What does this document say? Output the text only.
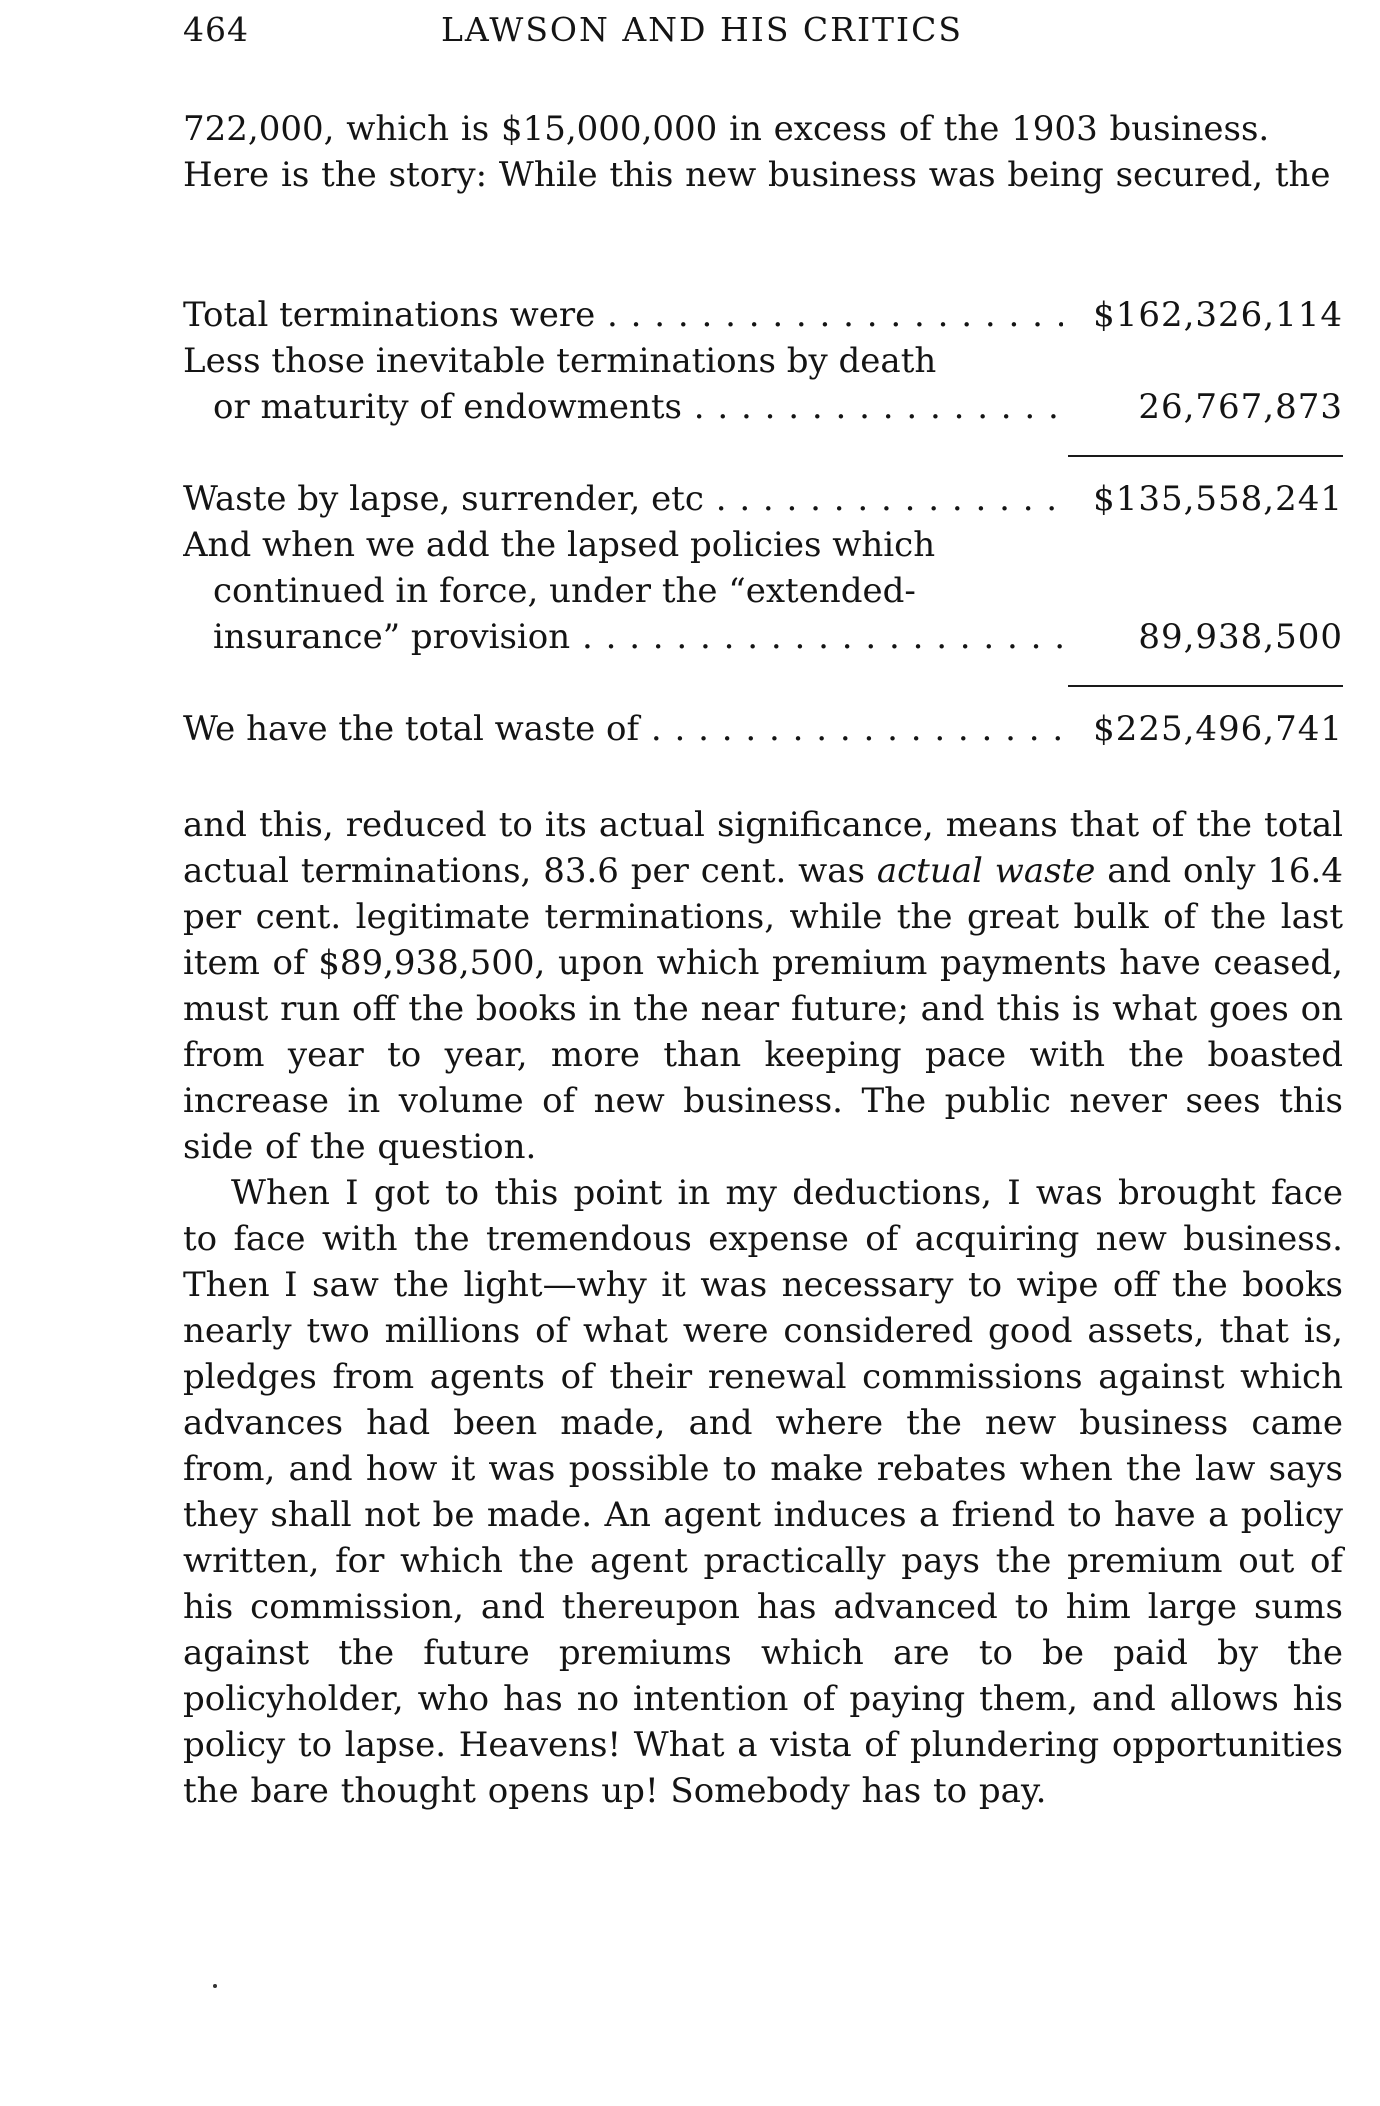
464	LAWSON AND HIS CRITICS
722,000, which is $15,000,000 in excess of the 1903 business. Here is the story: While this new business was being secured, the
Total terminations were . . .	$162,326,114
Less those inevitable terminations by death
or maturity of endowments . . .	26,767,873
Waste by lapse, surrender, etc . . .	$135,558,241
And when we add the lapsed policies which
continued in force, under the “extended-
insurance” provision . . .	89,938,500
We have the total waste of . . .	$225,496,741

and this, reduced to its actual significance, means that of the total actual terminations, 83.6 per cent. was actual waste and only 16.4 per cent. legitimate terminations, while the great bulk of the last item of $89,938,500, upon which premium payments have ceased, must run off the books in the near future; and this is what goes on from year to year, more than keeping pace with the boasted increase in volume of new business. The public never sees this side of the question.

When I got to this point in my deductions, I was brought face to face with the tremendous expense of acquiring new business. Then I saw the light—why it was necessary to wipe off the books nearly two millions of what were considered good assets, that is, pledges from agents of their renewal commissions against which advances had been made, and where the new business came from, and how it was possible to make rebates when the law says they shall not be made. An agent induces a friend to have a policy written, for which the agent practically pays the premium out of his commission, and thereupon has advanced to him large sums against the future premiums which are to be paid by the policyholder, who has no intention of paying them, and allows his policy to lapse. Heavens! What a vista of plundering opportunities the bare thought opens up! Somebody has to pay.
